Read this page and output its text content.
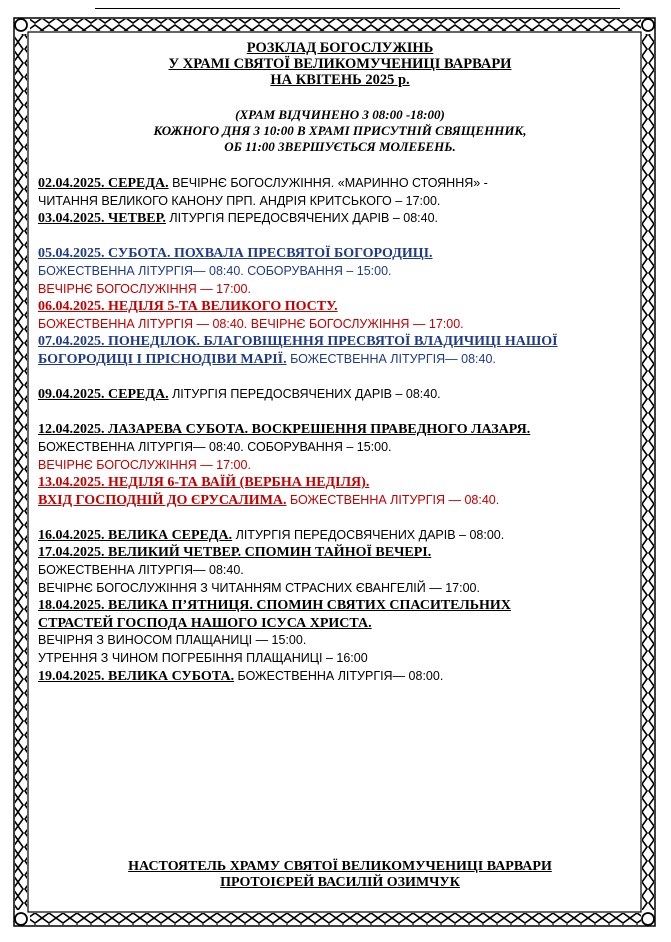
РОЗКЛАД БОГОСЛУЖІНЬ
У ХРАМІ СВЯТОЇ ВЕЛИКОМУЧЕНИЦІ ВАРВАРИ
НА КВІТЕНЬ 2025 р.
(ХРАМ ВІДЧИНЕНО З 08:00 -18:00)
КОЖНОГО ДНЯ З 10:00 В ХРАМІ ПРИСУТНІЙ СВЯЩЕННИК,
ОБ 11:00 ЗВЕРШУЄТЬСЯ МОЛЕБЕНЬ.
02.04.2025. СЕРЕДА. ВЕЧІРНЄ БОГОСЛУЖІННЯ. «МАРИННО СТОЯННЯ» -
ЧИТАННЯ ВЕЛИКОГО КАНОНУ ПРП. АНДРІЯ КРИТСЬКОГО – 17:00.
03.04.2025. ЧЕТВЕР. ЛІТУРГІЯ ПЕРЕДОСВЯЧЕНИХ ДАРІВ – 08:40.
05.04.2025. СУБОТА. ПОХВАЛА ПРЕСВЯТОЇ БОГОРОДИЦІ.
БОЖЕСТВЕННА ЛІТУРГІЯ— 08:40. СОБОРУВАННЯ – 15:00.
ВЕЧІРНЄ БОГОСЛУЖІННЯ — 17:00.
06.04.2025. НЕДІЛЯ 5-ТА ВЕЛИКОГО ПОСТУ.
БОЖЕСТВЕННА ЛІТУРГІЯ — 08:40. ВЕЧІРНЄ БОГОСЛУЖІННЯ — 17:00.
07.04.2025. ПОНЕДІЛОК. БЛАГОВІЩЕННЯ ПРЕСВЯТОЇ ВЛАДИЧИЦІ НАШОЇ
БОГОРОДИЦІ І ПРІСНОДІВИ МАРІЇ. БОЖЕСТВЕННА ЛІТУРГІЯ— 08:40.
09.04.2025. СЕРЕДА. ЛІТУРГІЯ ПЕРЕДОСВЯЧЕНИХ ДАРІВ – 08:40.
12.04.2025. ЛАЗАРЕВА СУБОТА. ВОСКРЕШЕННЯ ПРАВЕДНОГО ЛАЗАРЯ.
БОЖЕСТВЕННА ЛІТУРГІЯ— 08:40. СОБОРУВАННЯ – 15:00.
ВЕЧІРНЄ БОГОСЛУЖІННЯ — 17:00.
13.04.2025. НЕДІЛЯ 6-ТА ВАЇЙ (ВЕРБНА НЕДІЛЯ).
ВХІД ГОСПОДНІЙ ДО ЄРУСАЛИМА. БОЖЕСТВЕННА ЛІТУРГІЯ — 08:40.
16.04.2025. ВЕЛИКА СЕРЕДА. ЛІТУРГІЯ ПЕРЕДОСВЯЧЕНИХ ДАРІВ – 08:00.
17.04.2025. ВЕЛИКИЙ ЧЕТВЕР. СПОМИН ТАЙНОЇ ВЕЧЕРІ.
БОЖЕСТВЕННА ЛІТУРГІЯ— 08:40.
ВЕЧІРНЄ БОГОСЛУЖІННЯ З ЧИТАННЯМ СТРАСНИХ ЄВАНГЕЛІЙ — 17:00.
18.04.2025. ВЕЛИКА П’ЯТНИЦЯ. СПОМИН СВЯТИХ СПАСИТЕЛЬНИХ
СТРАСТЕЙ ГОСПОДА НАШОГО ІСУСА ХРИСТА.
ВЕЧІРНЯ З ВИНОСОМ ПЛАЩАНИЦІ — 15:00.
УТРЕННЯ З ЧИНОМ ПОГРЕБІННЯ ПЛАЩАНИЦІ – 16:00
19.04.2025. ВЕЛИКА СУБОТА. БОЖЕСТВЕННА ЛІТУРГІЯ— 08:00.
НАСТОЯТЕЛЬ ХРАМУ СВЯТОЇ ВЕЛИКОМУЧЕНИЦІ ВАРВАРИ
ПРОТОІЄРЕЙ ВАСИЛІЙ ОЗИМЧУК
